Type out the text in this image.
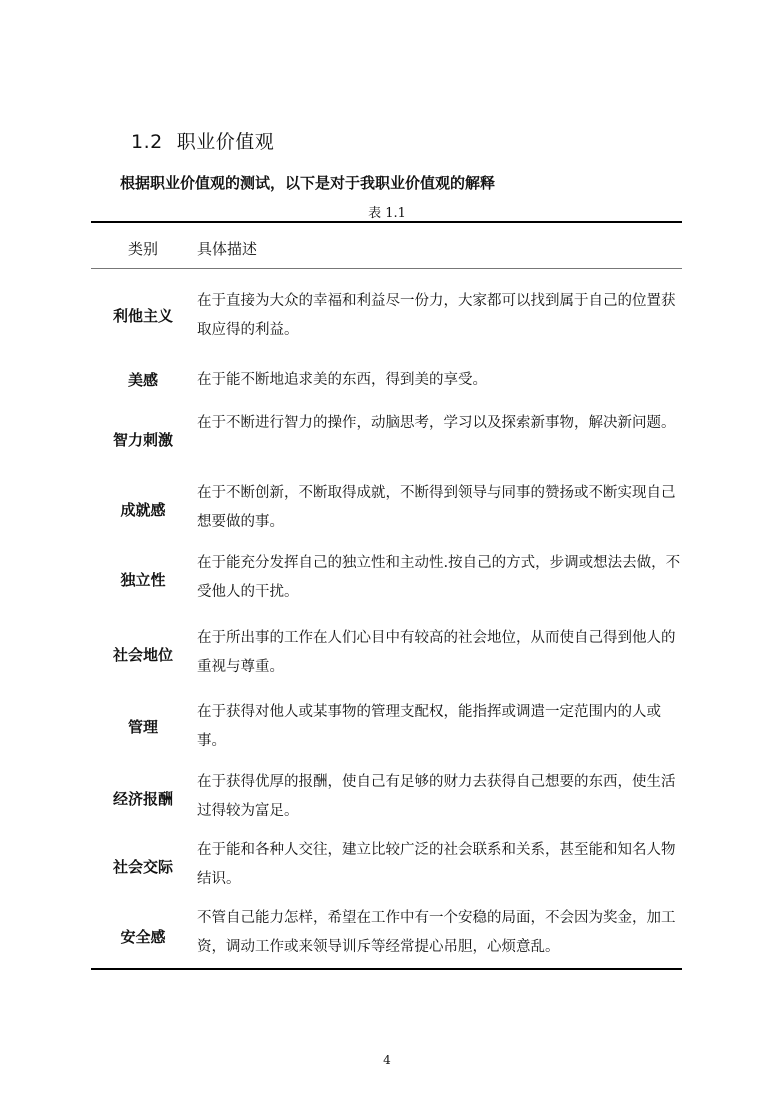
1.2 职业价值观
根据职业价值观的测试，以下是对于我职业价值观的解释
表 1.1
类别	具体描述
利他主义
在于直接为大众的幸福和利益尽一份力，大家都可以找到属于自己的位置获取应得的利益。
美感	在于能不断地追求美的东西，得到美的享受。
智力刺激
在于不断进行智力的操作，动脑思考，学习以及探索新事物，解决新问题。
成就感
在于不断创新，不断取得成就，不断得到领导与同事的赞扬或不断实现自己想要做的事。
独立性
在于能充分发挥自己的独立性和主动性.按自己的方式，步调或想法去做，不受他人的干扰。
社会地位
在于所出事的工作在人们心目中有较高的社会地位，从而使自己得到他人的重视与尊重。
管理
在于获得对他人或某事物的管理支配权，能指挥或调遣一定范围内的人或事。
经济报酬
在于获得优厚的报酬，使自己有足够的财力去获得自己想要的东西，使生活过得较为富足。
社会交际
在于能和各种人交往，建立比较广泛的社会联系和关系，甚至能和知名人物结识。
安全感
不管自己能力怎样，希望在工作中有一个安稳的局面，不会因为奖金，加工资，调动工作或来领导训斥等经常提心吊胆，心烦意乱。
4
